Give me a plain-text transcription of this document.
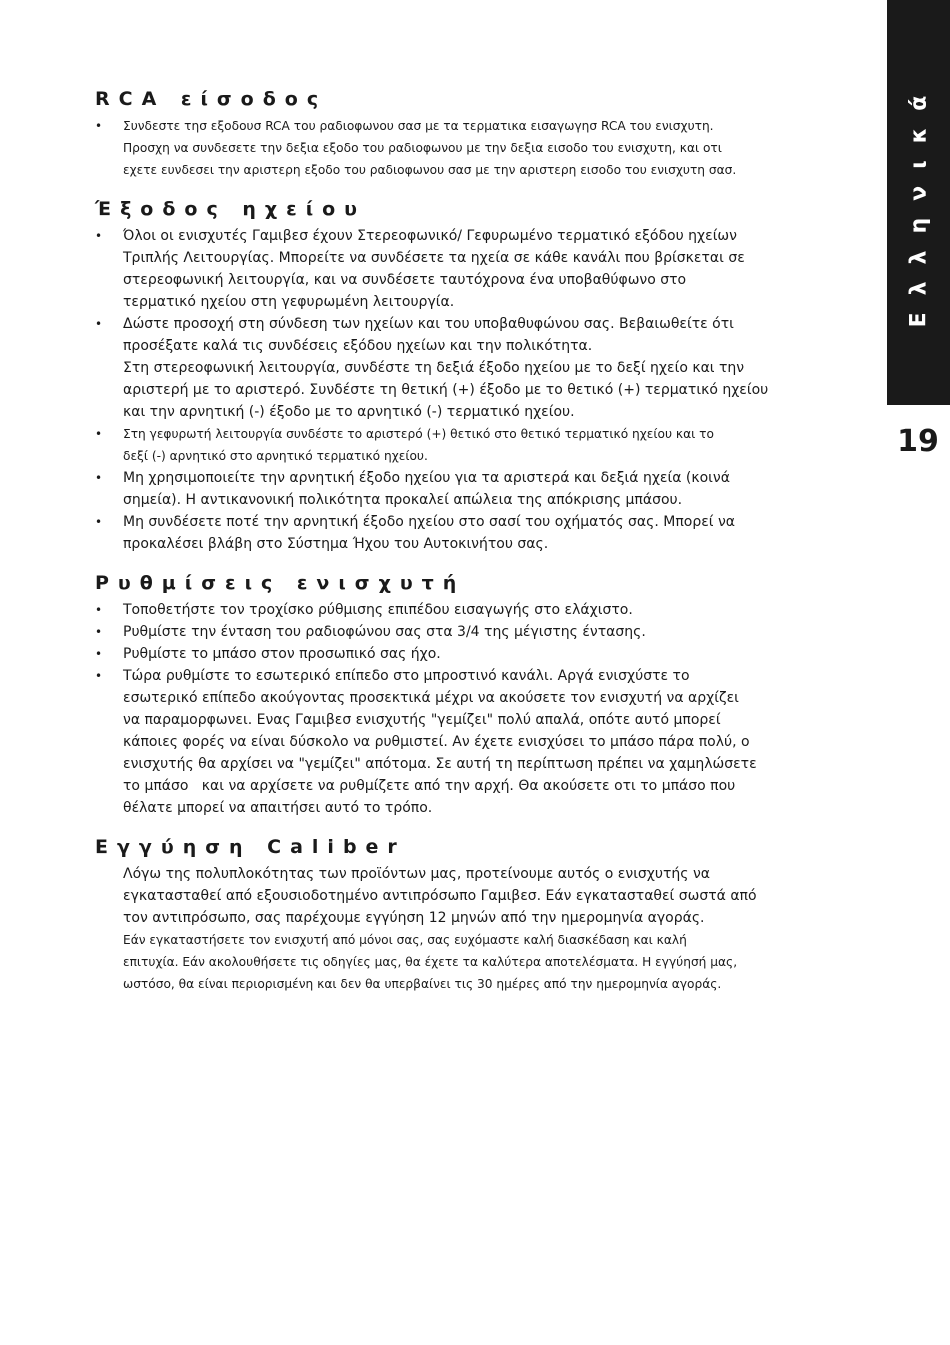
Ελληνικά
19
RCA είσοδος
• Συνδεστε τησ εξοδουσ RCA του ραδιοφωνου σασ με τα τερματικα εισαγωγησ RCA του ενισχυτη.
Προσχη να συνδεσετε την δεξια εξοδο του ραδιοφωνου με την δεξια εισοδο του ενισχυτη, και οτι
εχετε ευνδεσει την αριστερη εξοδο του ραδιοφωνου σασ με την αριστερη εισοδο του ενισχυτη σασ.
Έξοδος ηχείου
• Όλοι οι ενισχυτές Γαμιβεσ έχουν Στερεοφωνικό/ Γεφυρωμένο τερματικό εξόδου ηχείων
Τριπλής Λειτουργίας. Μπορείτε να συνδέσετε τα ηχεία σε κάθε κανάλι που βρίσκεται σε
στερεοφωνική λειτουργία, και να συνδέσετε ταυτόχρονα ένα υποβαθύφωνο στο
τερματικό ηχείου στη γεφυρωμένη λειτουργία.
• Δώστε προσοχή στη σύνδεση των ηχείων και του υποβαθυφώνου σας. Βεβαιωθείτε ότι
προσέξατε καλά τις συνδέσεις εξόδου ηχείων και την πολικότητα.
Στη στερεοφωνική λειτουργία, συνδέστε τη δεξιά έξοδο ηχείου με το δεξί ηχείο και την
αριστερή με το αριστερό. Συνδέστε τη θετική (+) έξοδο με το θετικό (+) τερματικό ηχείου
και την αρνητική (-) έξοδο με το αρνητικό (-) τερματικό ηχείου.
• Στη γεφυρωτή λειτουργία συνδέστε το αριστερό (+) θετικό στο θετικό τερματικό ηχείου και το
δεξί (-) αρνητικό στο αρνητικό τερματικό ηχείου.
• Μη χρησιμοποιείτε την αρνητική έξοδο ηχείου για τα αριστερά και δεξιά ηχεία (κοινά
σημεία). Η αντικανονική πολικότητα προκαλεί απώλεια της απόκρισης μπάσου.
• Μη συνδέσετε ποτέ την αρνητική έξοδο ηχείου στο σασί του οχήματός σας. Μπορεί να
προκαλέσει βλάβη στο Σύστημα Ήχου του Αυτοκινήτου σας.
Ρυθμίσεις ενισχυτή
• Τοποθετήστε τον τροχίσκο ρύθμισης επιπέδου εισαγωγής στο ελάχιστο.
• Ρυθμίστε την ένταση του ραδιοφώνου σας στα 3/4 της μέγιστης έντασης.
• Ρυθμίστε το μπάσο στον προσωπικό σας ήχο.
• Τώρα ρυθμίστε το εσωτερικό επίπεδο στο μπροστινό κανάλι. Αργά ενισχύστε το
εσωτερικό επίπεδο ακούγοντας προσεκτικά μέχρι να ακούσετε τον ενισχυτή να αρχίζει
να παραμορφωνει. Ενας Γαμιβεσ ενισχυτής "γεμίζει" πολύ απαλά, οπότε αυτό μπορεί
κάποιες φορές να είναι δύσκολο να ρυθμιστεί. Αν έχετε ενισχύσει το μπάσο πάρα πολύ, ο
ενισχυτής θα αρχίσει να "γεμίζει" απότομα. Σε αυτή τη περίπτωση πρέπει να χαμηλώσετε
το μπάσο   και να αρχίσετε να ρυθμίζετε από την αρχή. Θα ακούσετε οτι το μπάσο που
θέλατε μπορεί να απαιτήσει αυτό το τρόπο.
Εγγύηση Caliber
Λόγω της πολυπλοκότητας των προϊόντων μας, προτείνουμε αυτός ο ενισχυτής να
εγκατασταθεί από εξουσιοδοτημένο αντιπρόσωπο Γαμιβεσ. Εάν εγκατασταθεί σωστά από
τον αντιπρόσωπο, σας παρέχουμε εγγύηση 12 μηνών από την ημερομηνία αγοράς.
Εάν εγκαταστήσετε τον ενισχυτή από μόνοι σας, σας ευχόμαστε καλή διασκέδαση και καλή
επιτυχία. Εάν ακολουθήσετε τις οδηγίες μας, θα έχετε τα καλύτερα αποτελέσματα. Η εγγύησή μας,
ωστόσο, θα είναι περιορισμένη και δεν θα υπερβαίνει τις 30 ημέρες από την ημερομηνία αγοράς.
